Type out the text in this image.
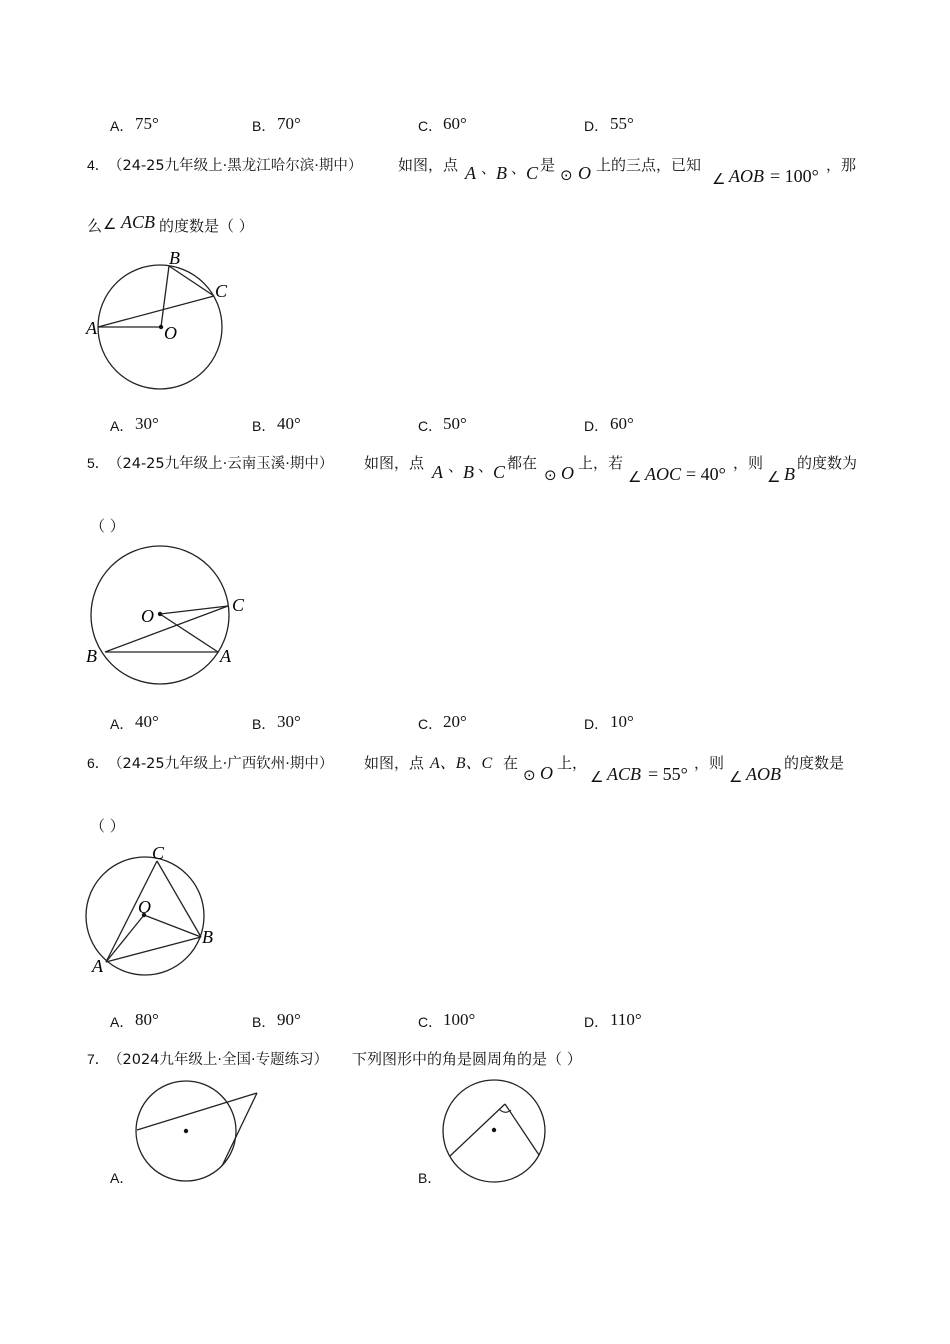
A． 75°	B． 70°	C． 60°	D． 55°
4． （24-25九年级上·黑龙江哈尔滨·期中） 如图，点 A 、 B 、 C 是
⊙ O 上的三点，已知
∠ AOB = 100°
，那
么 ∠ ACB 的度数是（ ）
A
B
C
O
A． 30°	B． 40°	C． 50°	D． 60°
5． （24-25九年级上·云南玉溪·期中） 如图，点 A 、 B 、 C 都在
⊙ O 上，若
∠ AOC = 40°
，则
∠ B
的度数为
（ ）
O
C
B	A
A． 40°	B． 30°	C． 20°	D． 10°
6． （24-25九年级上·广西钦州·期中） 如图，点 A、B、C 在
⊙ O 上，
∠ ACB = 55°
，则
∠ AOB
的度数是
（ ）
C
O
B
A
A． 80°	B． 90°	C． 100°	D． 110°
7． （2024九年级上·全国·专题练习） 下列图形中的角是圆周角的是（ ）
A．	B．
